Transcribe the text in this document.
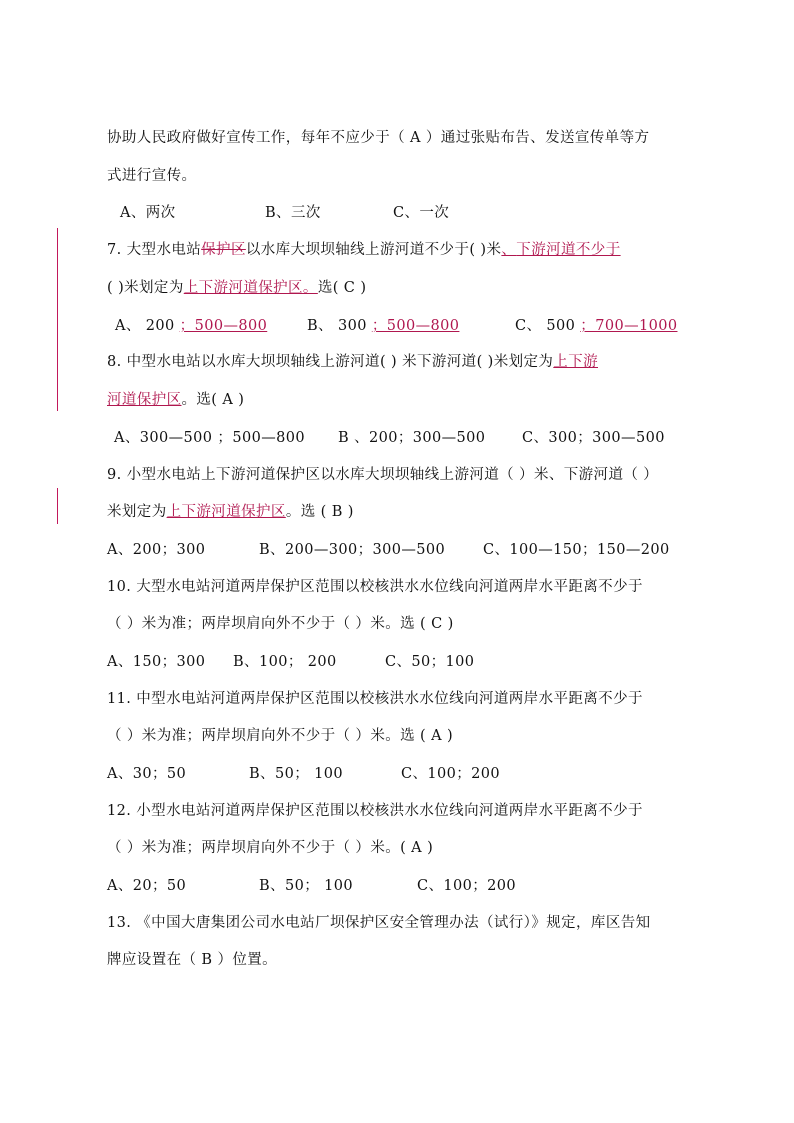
协助人民政府做好宣传工作，每年不应少于（ A ）通过张贴布告、发送宣传单等方
式进行宣传。
A、两次	B、三次	C、一次
7. 大型水电站保护区以水库大坝坝轴线上游河道不少于( )米、下游河道不少于
( )米划定为上下游河道保护区。选( C )
A、 200 ；500—800	B、 300 ；500—800	C、 500 ；700—1000
8. 中型水电站以水库大坝坝轴线上游河道( ) 米下游河道( )米划定为上下游
河道保护区。选( A )
A、300—500 ；500—800 B 、200；300—500	C、300；300—500
9. 小型水电站上下游河道保护区以水库大坝坝轴线上游河道（ ）米、下游河道（ ）
米划定为上下游河道保护区。选 ( B )
A、200；300	B、200—300；300—500	C、100—150；150—200
10. 大型水电站河道两岸保护区范围以校核洪水水位线向河道两岸水平距离不少于
（ ）米为准；两岸坝肩向外不少于（ ）米。选 ( C )
A、150；300 B、100； 200	C、50；100
11. 中型水电站河道两岸保护区范围以校核洪水水位线向河道两岸水平距离不少于
（ ）米为准；两岸坝肩向外不少于（ ）米。选 ( A )
A、30；50	B、50； 100	C、100；200
12. 小型水电站河道两岸保护区范围以校核洪水水位线向河道两岸水平距离不少于
（ ）米为准；两岸坝肩向外不少于（ ）米。( A )
A、20；50	B、50； 100	C、100；200
13. 《中国大唐集团公司水电站厂坝保护区安全管理办法（试行）》规定，库区告知
牌应设置在（ B ）位置。
